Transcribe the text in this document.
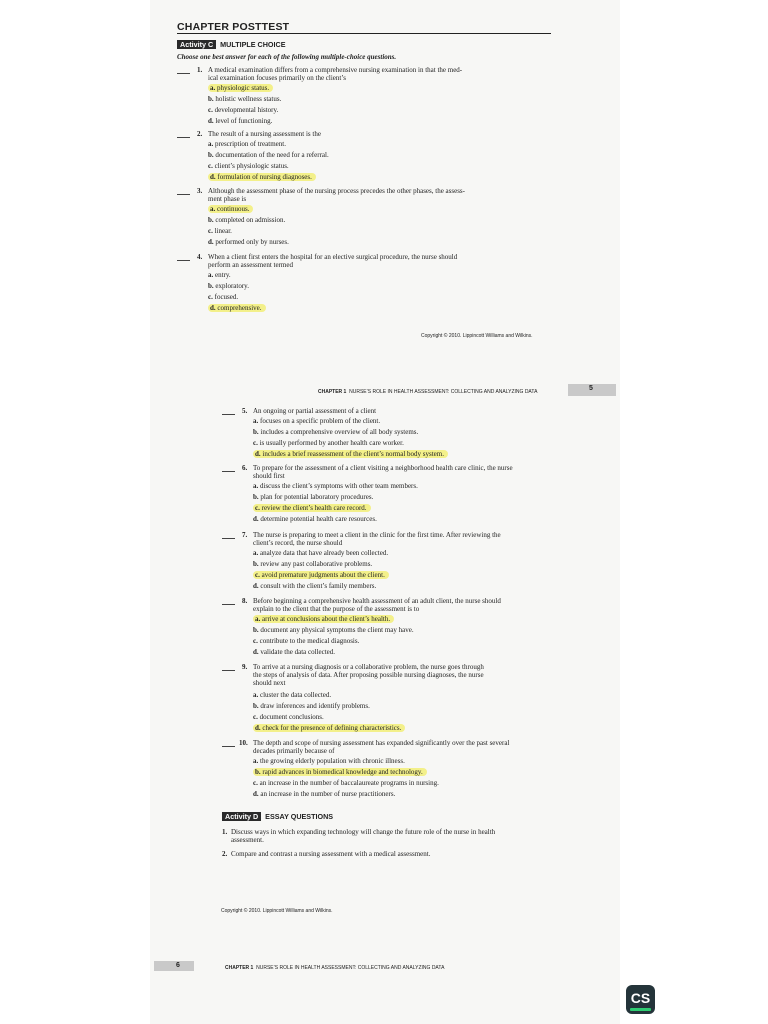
CHAPTER POSTTEST
Activity C MULTIPLE CHOICE
Choose one best answer for each of the following multiple-choice questions.
1. A medical examination differs from a comprehensive nursing examination in that the med-
ical examination focuses primarily on the client’s
a. physiologic status.
b. holistic wellness status.
c. developmental history.
d. level of functioning.
2. The result of a nursing assessment is the
a. prescription of treatment.
b. documentation of the need for a referral.
c. client’s physiologic status.
d. formulation of nursing diagnoses.
3. Although the assessment phase of the nursing process precedes the other phases, the assess-
ment phase is
a. continuous.
b. completed on admission.
c. linear.
d. performed only by nurses.
4. When a client first enters the hospital for an elective surgical procedure, the nurse should
perform an assessment termed
a. entry.
b. exploratory.
c. focused.
d. comprehensive.
Copyright © 2010. Lippincott Williams and Wilkins.
CHAPTER 1 NURSE’S ROLE IN HEALTH ASSESSMENT: COLLECTING AND ANALYZING DATA	5
5. An ongoing or partial assessment of a client
a. focuses on a specific problem of the client.
b. includes a comprehensive overview of all body systems.
c. is usually performed by another health care worker.
d. includes a brief reassessment of the client’s normal body system.
6. To prepare for the assessment of a client visiting a neighborhood health care clinic, the nurse
should first
a. discuss the client’s symptoms with other team members.
b. plan for potential laboratory procedures.
c. review the client’s health care record.
d. determine potential health care resources.
7. The nurse is preparing to meet a client in the clinic for the first time. After reviewing the
client’s record, the nurse should
a. analyze data that have already been collected.
b. review any past collaborative problems.
c. avoid premature judgments about the client.
d. consult with the client’s family members.
8. Before beginning a comprehensive health assessment of an adult client, the nurse should
explain to the client that the purpose of the assessment is to
a. arrive at conclusions about the client’s health.
b. document any physical symptoms the client may have.
c. contribute to the medical diagnosis.
d. validate the data collected.
9. To arrive at a nursing diagnosis or a collaborative problem, the nurse goes through
the steps of analysis of data. After proposing possible nursing diagnoses, the nurse
should next
a. cluster the data collected.
b. draw inferences and identify problems.
c. document conclusions.
d. check for the presence of defining characteristics.
10. The depth and scope of nursing assessment has expanded significantly over the past several
decades primarily because of
a. the growing elderly population with chronic illness.
b. rapid advances in biomedical knowledge and technology.
c. an increase in the number of baccalaureate programs in nursing.
d. an increase in the number of nurse practitioners.
Activity D ESSAY QUESTIONS
1. Discuss ways in which expanding technology will change the future role of the nurse in health
assessment.
2. Compare and contrast a nursing assessment with a medical assessment.
Copyright © 2010. Lippincott Williams and Wilkins.
6	CHAPTER 1 NURSE’S ROLE IN HEALTH ASSESSMENT: COLLECTING AND ANALYZING DATA
CS
